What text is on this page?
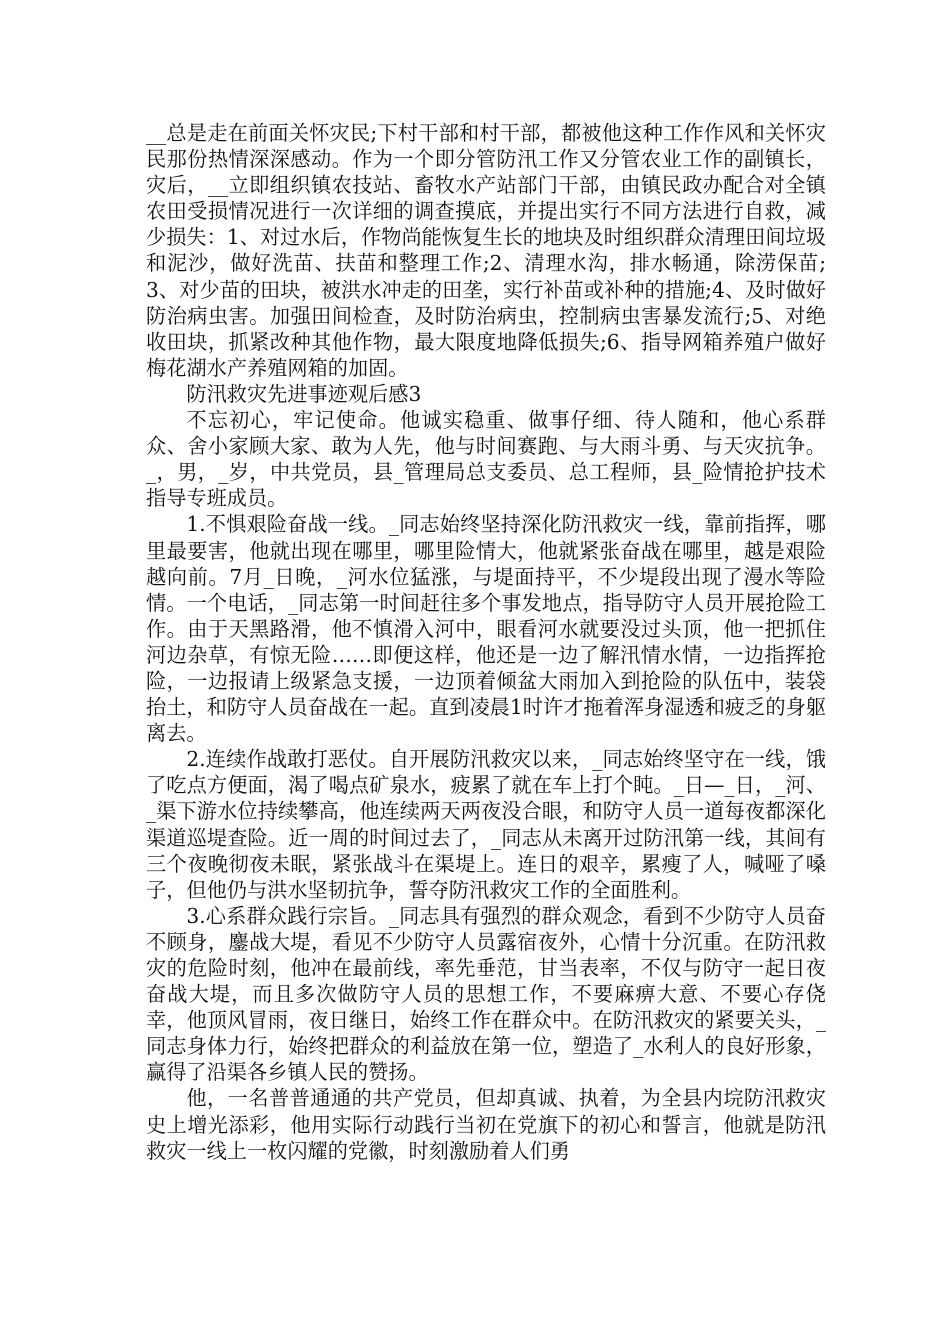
__总是走在前面关怀灾民;下村干部和村干部，都被他这种工作作风和关怀灾民那份热情深深感动。作为一个即分管防汛工作又分管农业工作的副镇长，灾后，__立即组织镇农技站、畜牧水产站部门干部，由镇民政办配合对全镇农田受损情况进行一次详细的调查摸底，并提出实行不同方法进行自救，减少损失：1、对过水后，作物尚能恢复生长的地块及时组织群众清理田间垃圾和泥沙，做好洗苗、扶苗和整理工作;2、清理水沟，排水畅通，除涝保苗;3、对少苗的田块，被洪水冲走的田垄，实行补苗或补种的措施;4、及时做好防治病虫害。加强田间检查，及时防治病虫，控制病虫害暴发流行;5、对绝收田块，抓紧改种其他作物，最大限度地降低损失;6、指导网箱养殖户做好梅花湖水产养殖网箱的加固。

防汛救灾先进事迹观后感3

不忘初心，牢记使命。他诚实稳重、做事仔细、待人随和，他心系群众、舍小家顾大家、敢为人先，他与时间赛跑、与大雨斗勇、与天灾抗争。_，男，_岁，中共党员，县_管理局总支委员、总工程师，县_险情抢护技术指导专班成员。

1.不惧艰险奋战一线。_同志始终坚持深化防汛救灾一线，靠前指挥，哪里最要害，他就出现在哪里，哪里险情大，他就紧张奋战在哪里，越是艰险越向前。7月_日晚，_河水位猛涨，与堤面持平，不少堤段出现了漫水等险情。一个电话，_同志第一时间赶往多个事发地点，指导防守人员开展抢险工作。由于天黑路滑，他不慎滑入河中，眼看河水就要没过头顶，他一把抓住河边杂草，有惊无险……即便这样，他还是一边了解汛情水情，一边指挥抢险，一边报请上级紧急支援，一边顶着倾盆大雨加入到抢险的队伍中，装袋抬土，和防守人员奋战在一起。直到凌晨1时许才拖着浑身湿透和疲乏的身躯离去。

2.连续作战敢打恶仗。自开展防汛救灾以来，_同志始终坚守在一线，饿了吃点方便面，渴了喝点矿泉水，疲累了就在车上打个盹。_日—_日，_河、_渠下游水位持续攀高，他连续两天两夜没合眼，和防守人员一道每夜都深化渠道巡堤查险。近一周的时间过去了，_同志从未离开过防汛第一线，其间有三个夜晚彻夜未眠，紧张战斗在渠堤上。连日的艰辛，累瘦了人，喊哑了嗓子，但他仍与洪水坚韧抗争，誓夺防汛救灾工作的全面胜利。

3.心系群众践行宗旨。_同志具有强烈的群众观念，看到不少防守人员奋不顾身，鏖战大堤，看见不少防守人员露宿夜外，心情十分沉重。在防汛救灾的危险时刻，他冲在最前线，率先垂范，甘当表率，不仅与防守一起日夜奋战大堤，而且多次做防守人员的思想工作，不要麻痹大意、不要心存侥幸，他顶风冒雨，夜日继日，始终工作在群众中。在防汛救灾的紧要关头，_同志身体力行，始终把群众的利益放在第一位，塑造了_水利人的良好形象，赢得了沿渠各乡镇人民的赞扬。

他，一名普普通通的共产党员，但却真诚、执着，为全县内垸防汛救灾史上增光添彩，他用实际行动践行当初在党旗下的初心和誓言，他就是防汛救灾一线上一枚闪耀的党徽，时刻激励着人们勇
